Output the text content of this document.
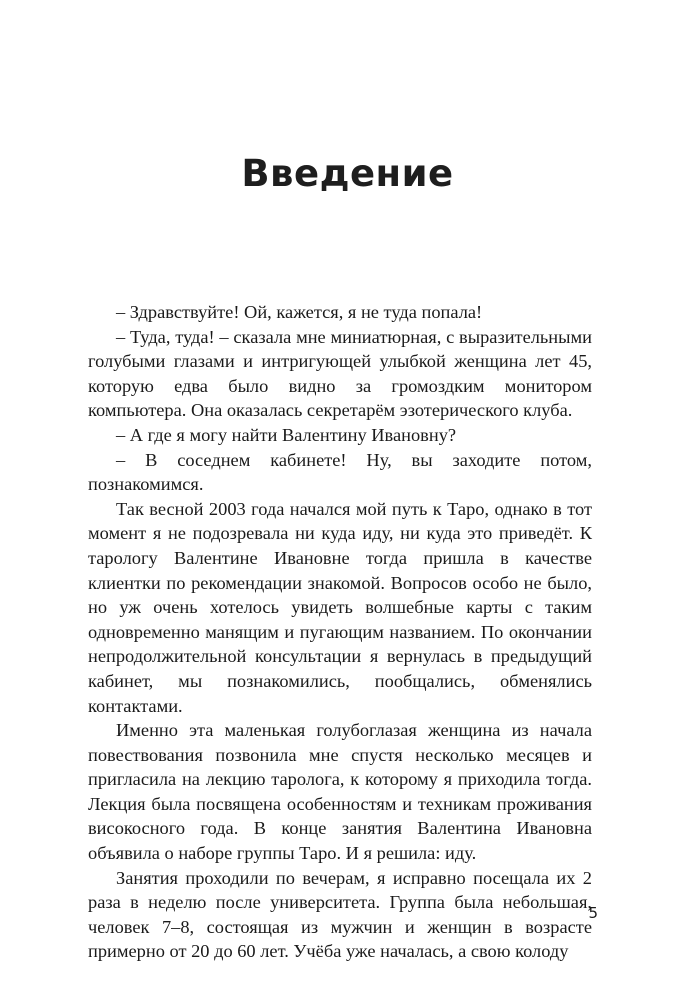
Введение

– Здравствуйте! Ой, кажется, я не туда попала!

– Туда, туда! – сказала мне миниатюрная, с выразительными голубыми глазами и интригующей улыбкой женщина лет 45, которую едва было видно за громоздким монитором компьютера. Она оказалась секретарём эзотерического клуба.

– А где я могу найти Валентину Ивановну?

– В соседнем кабинете! Ну, вы заходите потом, познакомимся.

Так весной 2003 года начался мой путь к Таро, однако в тот момент я не подозревала ни куда иду, ни куда это приведёт. К тарологу Валентине Ивановне тогда пришла в качестве клиентки по рекомендации знакомой. Вопросов особо не было, но уж очень хотелось увидеть волшебные карты с таким одновременно манящим и пугающим названием. По окончании непродолжительной консультации я вернулась в предыдущий кабинет, мы познакомились, пообщались, обменялись контактами.

Именно эта маленькая голубоглазая женщина из начала повествования позвонила мне спустя несколько месяцев и пригласила на лекцию таролога, к которому я приходила тогда. Лекция была посвящена особенностям и техникам проживания високосного года. В конце занятия Валентина Ивановна объявила о наборе группы Таро. И я решила: иду.

Занятия проходили по вечерам, я исправно посещала их 2 раза в неделю после университета. Группа была небольшая, человек 7–8, состоящая из мужчин и женщин в возрасте примерно от 20 до 60 лет. Учёба уже началась, а свою колоду

5
